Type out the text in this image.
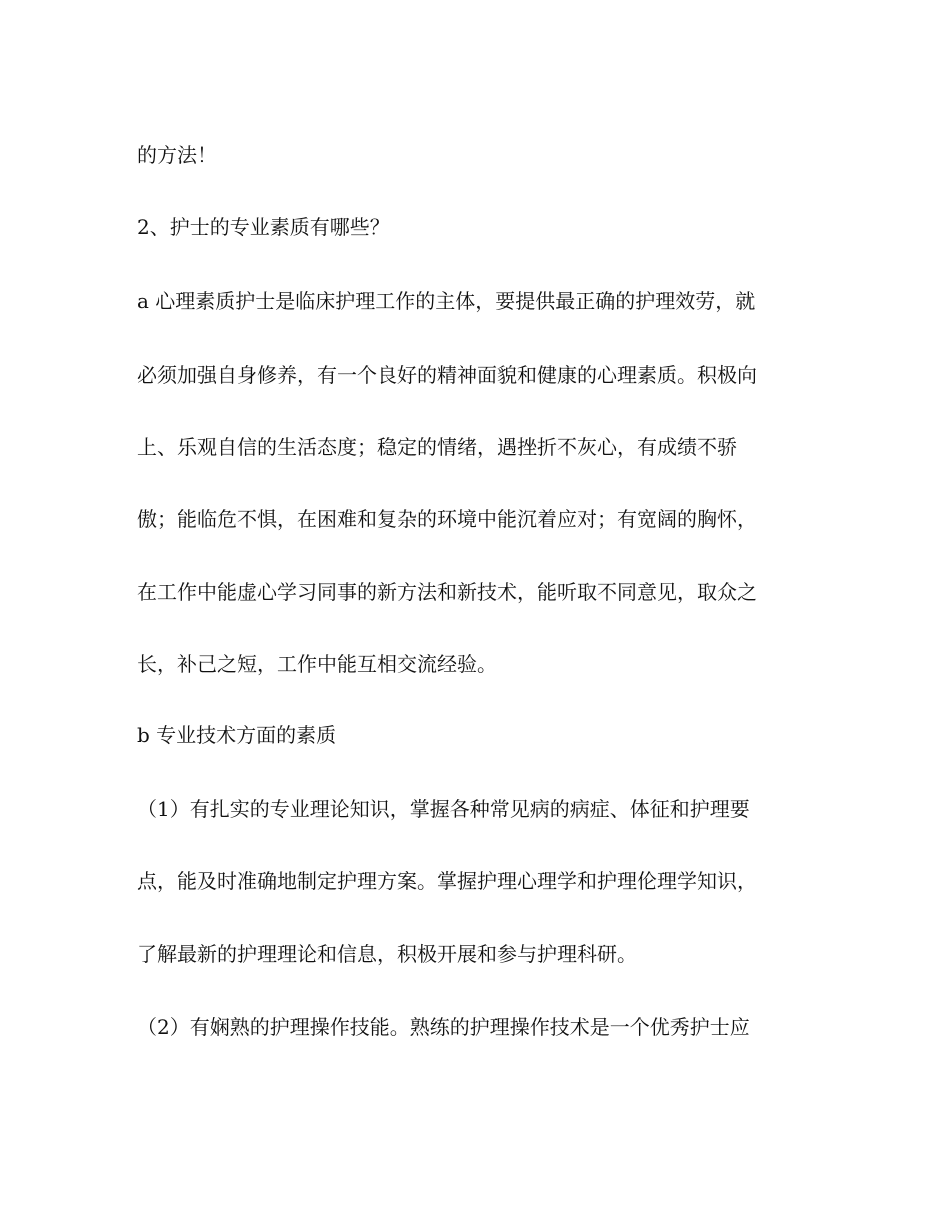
的方法！
2、护士的专业素质有哪些？
a 心理素质护士是临床护理工作的主体，要提供最正确的护理效劳，就
必须加强自身修养，有一个良好的精神面貌和健康的心理素质。积极向
上、乐观自信的生活态度；稳定的情绪，遇挫折不灰心，有成绩不骄
傲；能临危不惧，在困难和复杂的环境中能沉着应对；有宽阔的胸怀，
在工作中能虚心学习同事的新方法和新技术，能听取不同意见，取众之
长，补己之短，工作中能互相交流经验。
b 专业技术方面的素质
（1）有扎实的专业理论知识，掌握各种常见病的病症、体征和护理要
点，能及时准确地制定护理方案。掌握护理心理学和护理伦理学知识，
了解最新的护理理论和信息，积极开展和参与护理科研。
（2）有娴熟的护理操作技能。熟练的护理操作技术是一个优秀护士应
